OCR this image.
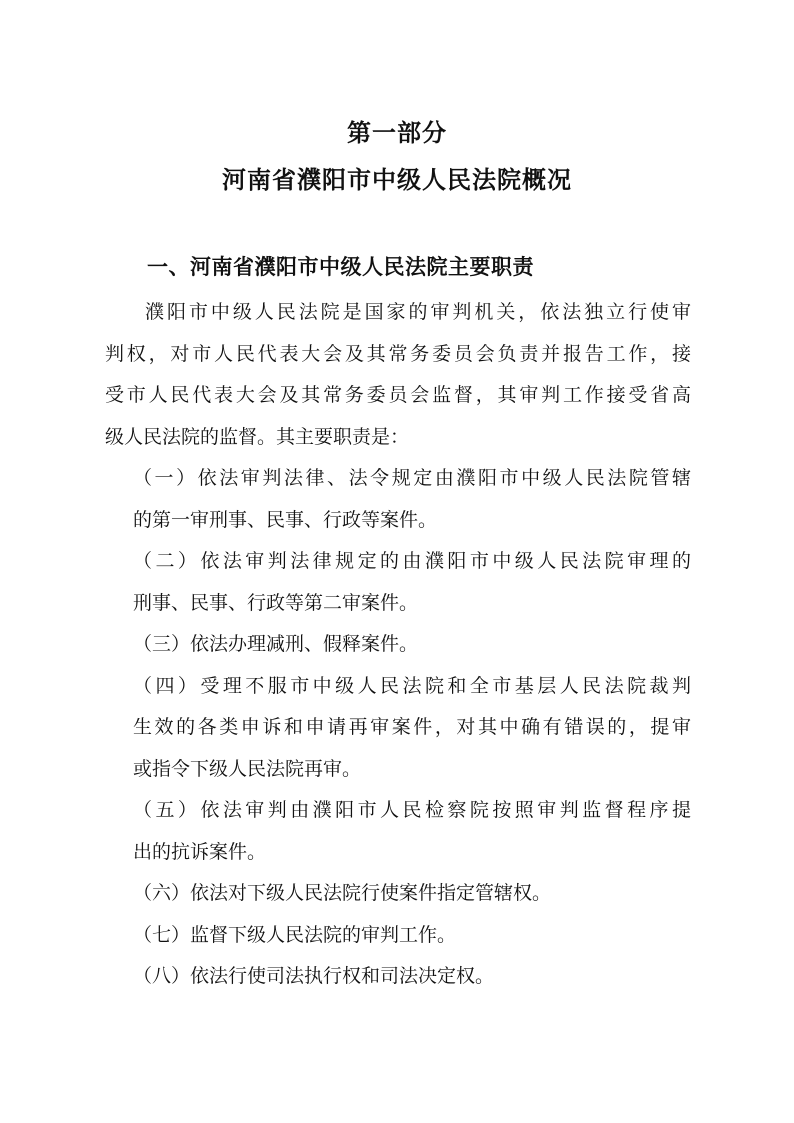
第一部分
河南省濮阳市中级人民法院概况
一、河南省濮阳市中级人民法院主要职责
濮阳市中级人民法院是国家的审判机关，依法独立行使审
判权，对市人民代表大会及其常务委员会负责并报告工作，接
受市人民代表大会及其常务委员会监督，其审判工作接受省高
级人民法院的监督。其主要职责是：
（一）依法审判法律、法令规定由濮阳市中级人民法院管辖
的第一审刑事、民事、行政等案件。
（二）依法审判法律规定的由濮阳市中级人民法院审理的
刑事、民事、行政等第二审案件。
（三）依法办理减刑、假释案件。
（四）受理不服市中级人民法院和全市基层人民法院裁判
生效的各类申诉和申请再审案件，对其中确有错误的，提审
或指令下级人民法院再审。
（五）依法审判由濮阳市人民检察院按照审判监督程序提
出的抗诉案件。
（六）依法对下级人民法院行使案件指定管辖权。
（七）监督下级人民法院的审判工作。
（八）依法行使司法执行权和司法决定权。
